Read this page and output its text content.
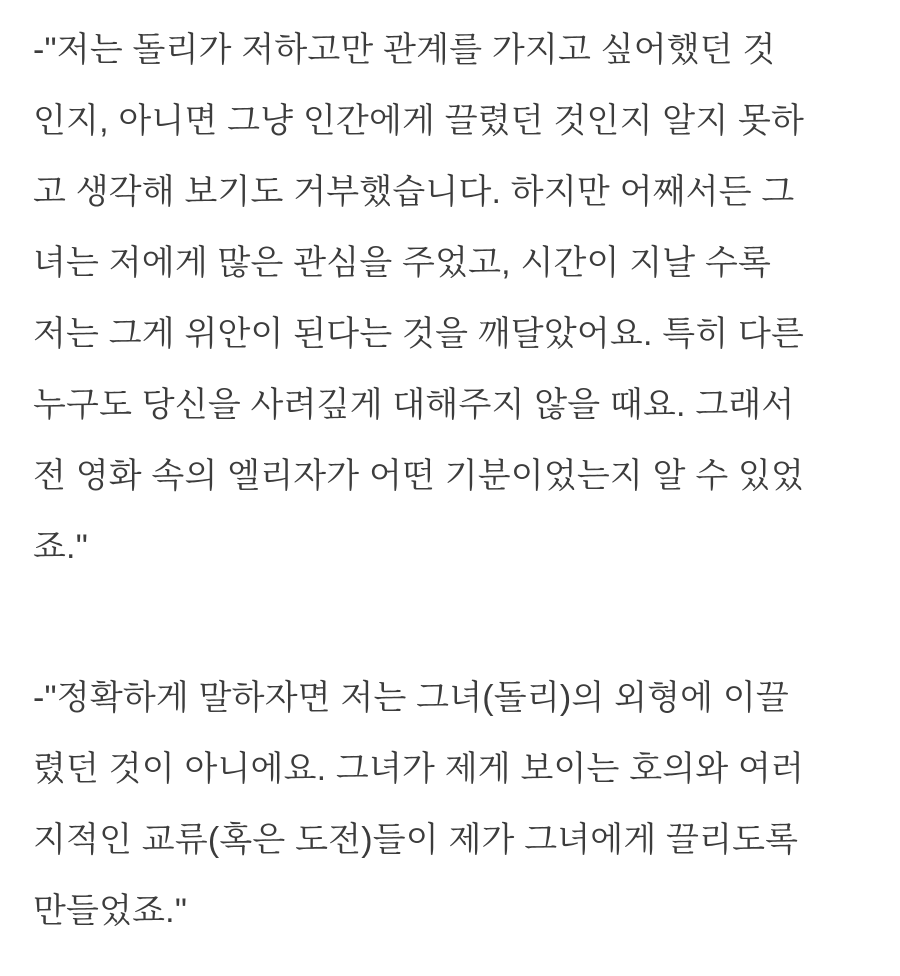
-"저는 돌리가 저하고만 관계를 가지고 싶어했던 것
인지, 아니면 그냥 인간에게 끌렸던 것인지 알지 못하
고 생각해 보기도 거부했습니다. 하지만 어째서든 그
녀는 저에게 많은 관심을 주었고, 시간이 지날 수록
저는 그게 위안이 된다는 것을 깨달았어요. 특히 다른
누구도 당신을 사려깊게 대해주지 않을 때요. 그래서
전 영화 속의 엘리자가 어떤 기분이었는지 알 수 있었
죠."
-"정확하게 말하자면 저는 그녀(돌리)의 외형에 이끌
렸던 것이 아니에요. 그녀가 제게 보이는 호의와 여러
지적인 교류(혹은 도전)들이 제가 그녀에게 끌리도록
만들었죠."
